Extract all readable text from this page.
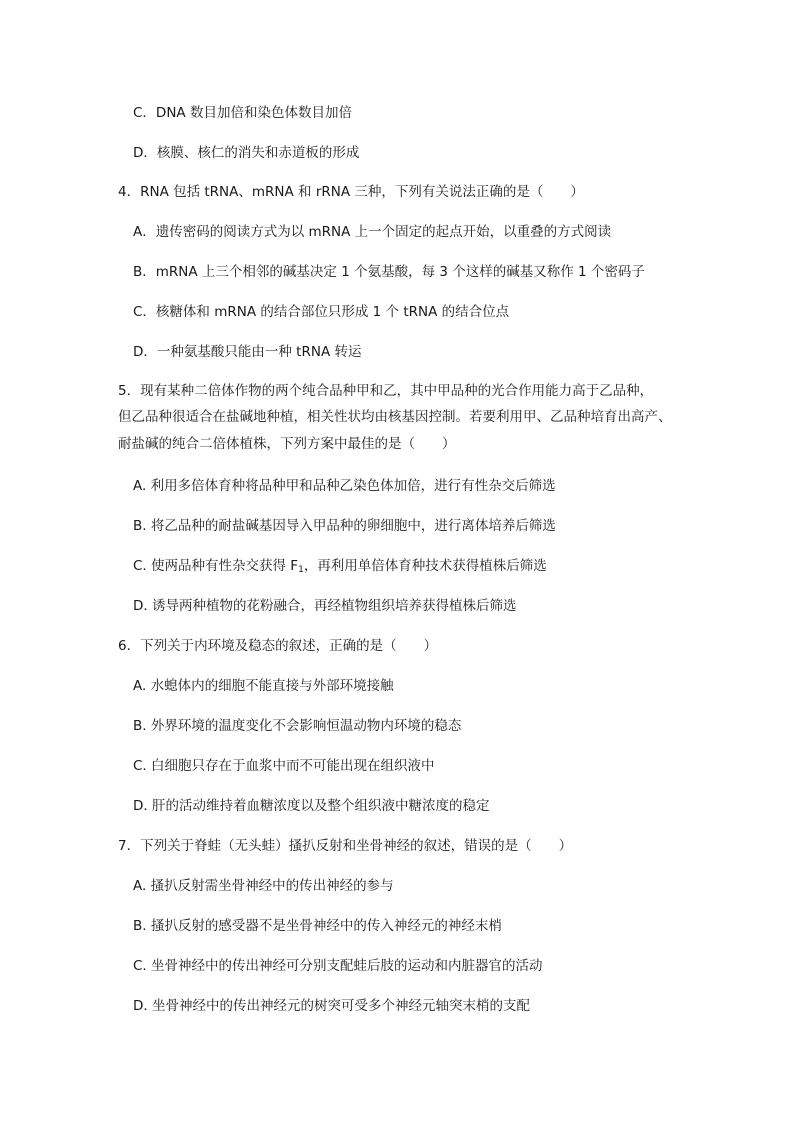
C．DNA 数目加倍和染色体数目加倍
D．核膜、核仁的消失和赤道板的形成
4．RNA 包括 tRNA、mRNA 和 rRNA 三种，下列有关说法正确的是（　　）
A．遗传密码的阅读方式为以 mRNA 上一个固定的起点开始，以重叠的方式阅读
B．mRNA 上三个相邻的碱基决定 1 个氨基酸，每 3 个这样的碱基又称作 1 个密码子
C．核糖体和 mRNA 的结合部位只形成 1 个 tRNA 的结合位点
D．一种氨基酸只能由一种 tRNA 转运
5．现有某种二倍体作物的两个纯合品种甲和乙，其中甲品种的光合作用能力高于乙品种，
但乙品种很适合在盐碱地种植，相关性状均由核基因控制。若要利用甲、乙品种培育出高产、
耐盐碱的纯合二倍体植株，下列方案中最佳的是（　　）
A. 利用多倍体育种将品种甲和品种乙染色体加倍，进行有性杂交后筛选
B. 将乙品种的耐盐碱基因导入甲品种的卵细胞中，进行离体培养后筛选
C. 使两品种有性杂交获得 $F_1$，再利用单倍体育种技术获得植株后筛选
D. 诱导两种植物的花粉融合，再经植物组织培养获得植株后筛选
6．下列关于内环境及稳态的叙述，正确的是（　　）
A. 水螅体内的细胞不能直接与外部环境接触
B. 外界环境的温度变化不会影响恒温动物内环境的稳态
C. 白细胞只存在于血浆中而不可能出现在组织液中
D. 肝的活动维持着血糖浓度以及整个组织液中糖浓度的稳定
7．下列关于脊蛙（无头蛙）搔扒反射和坐骨神经的叙述，错误的是（　　）
A. 搔扒反射需坐骨神经中的传出神经的参与
B. 搔扒反射的感受器不是坐骨神经中的传入神经元的神经末梢
C. 坐骨神经中的传出神经可分别支配蛙后肢的运动和内脏器官的活动
D. 坐骨神经中的传出神经元的树突可受多个神经元轴突末梢的支配
